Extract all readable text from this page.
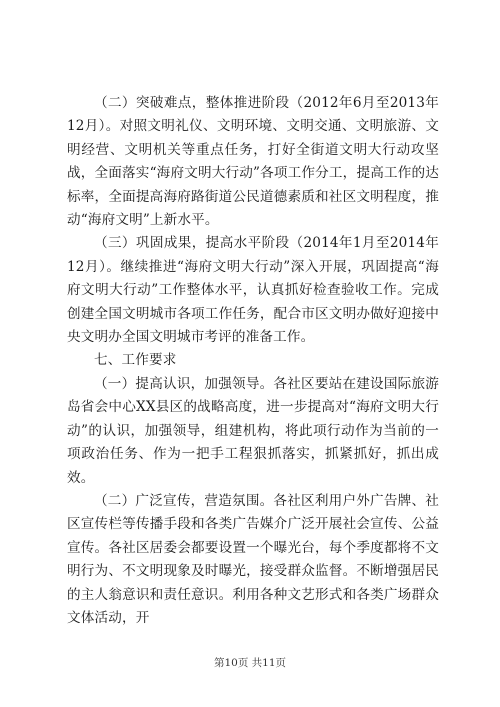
（二）突破难点，整体推进阶段（2012年6月至2013年12月）。对照文明礼仪、文明环境、文明交通、文明旅游、文明经营、文明机关等重点任务，打好全街道文明大行动攻坚战，全面落实“海府文明大行动”各项工作分工，提高工作的达标率，全面提高海府路街道公民道德素质和社区文明程度，推动“海府文明”上新水平。

（三）巩固成果，提高水平阶段（2014年1月至2014年12月）。继续推进“海府文明大行动”深入开展，巩固提高“海府文明大行动”工作整体水平，认真抓好检查验收工作。完成创建全国文明城市各项工作任务，配合市区文明办做好迎接中央文明办全国文明城市考评的准备工作。

七、工作要求

（一）提高认识，加强领导。各社区要站在建设国际旅游岛省会中心XX县区的战略高度，进一步提高对“海府文明大行动”的认识，加强领导，组建机构，将此项行动作为当前的一项政治任务、作为一把手工程狠抓落实，抓紧抓好，抓出成效。

（二）广泛宣传，营造氛围。各社区利用户外广告牌、社区宣传栏等传播手段和各类广告媒介广泛开展社会宣传、公益宣传。各社区居委会都要设置一个曝光台，每个季度都将不文明行为、不文明现象及时曝光，接受群众监督。不断增强居民的主人翁意识和责任意识。利用各种文艺形式和各类广场群众文体活动，开

第10页 共11页
